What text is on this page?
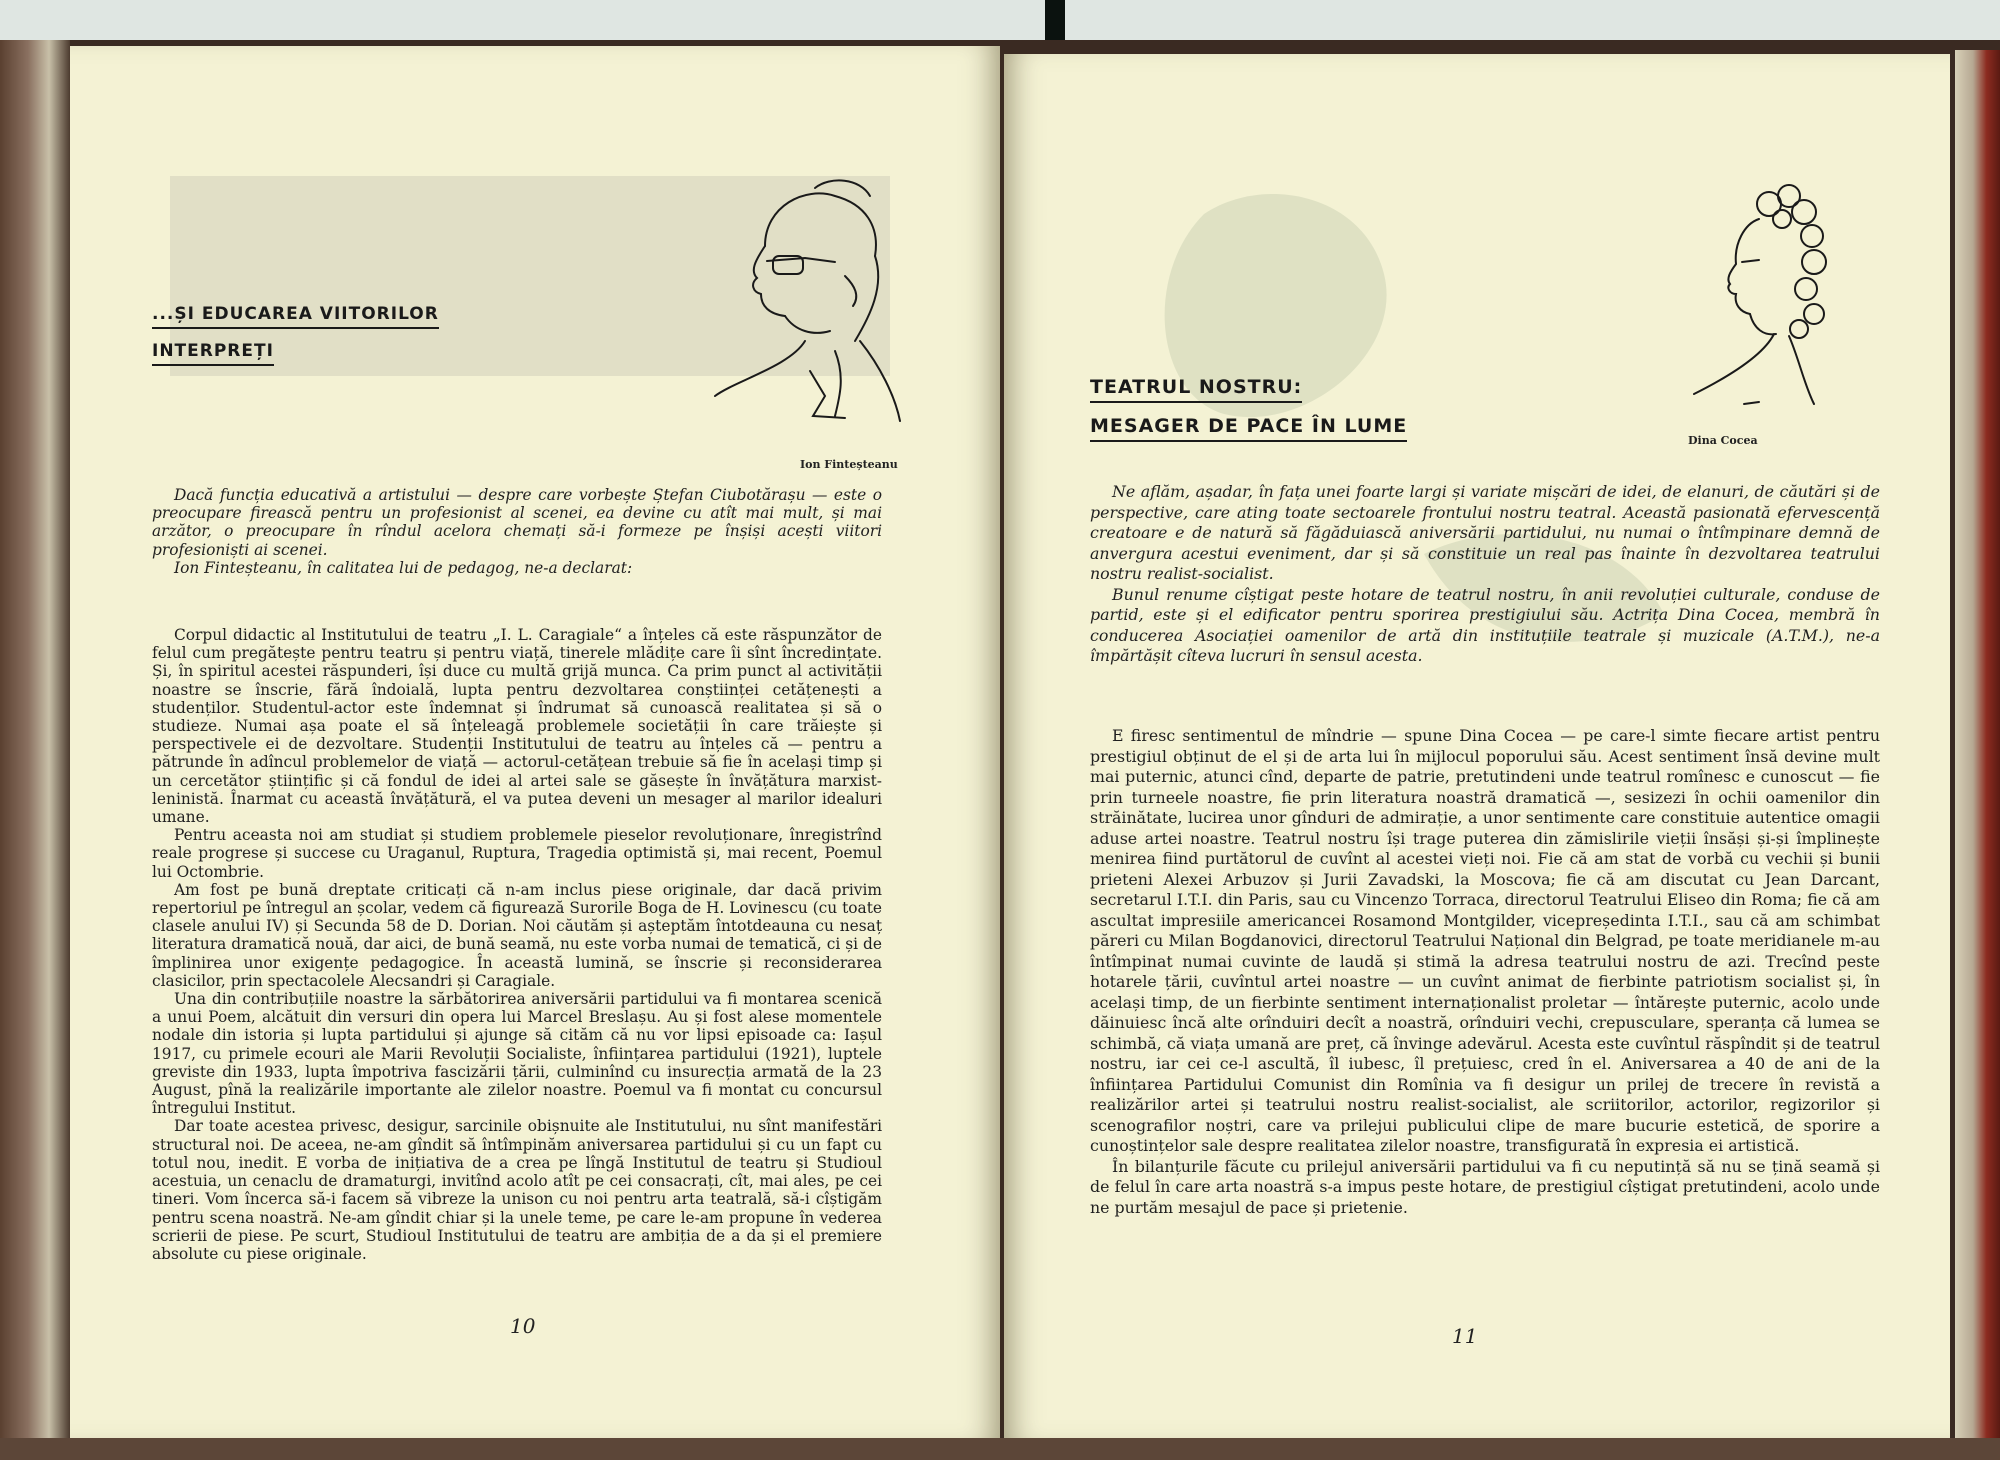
...ȘI EDUCAREA VIITORILOR
INTERPREȚI
Ion Finteșteanu

Dacă funcția educativă a artistului — despre care vorbește Ștefan Ciubotărașu — este o preocupare firească pentru un profesionist al scenei, ea devine cu atît mai mult, și mai arzător, o preocupare în rîndul acelora chemați să-i formeze pe înșiși acești viitori profesioniști ai scenei.

Ion Finteșteanu, în calitatea lui de pedagog, ne-a declarat:

Corpul didactic al Institutului de teatru „I. L. Caragiale“ a înțeles că este răspunzător de felul cum pregătește pentru teatru și pentru viață, tinerele mlădițe care îi sînt încredințate. Și, în spiritul acestei răspunderi, își duce cu multă grijă munca. Ca prim punct al activității noastre se înscrie, fără îndoială, lupta pentru dezvoltarea conștiinței cetățenești a studenților. Studentul-actor este îndemnat și îndrumat să cunoască realitatea și să o studieze. Numai așa poate el să înțeleagă problemele societății în care trăiește și perspectivele ei de dezvoltare. Studenții Institutului de teatru au înțeles că — pentru a pătrunde în adîncul problemelor de viață — actorul-cetățean trebuie să fie în același timp și un cercetător științific și că fondul de idei al artei sale se găsește în învățătura marxist-leninistă. Înarmat cu această învățătură, el va putea deveni un mesager al marilor idealuri umane.

Pentru aceasta noi am studiat și studiem problemele pieselor revoluționare, înregistrînd reale progrese și succese cu Uraganul, Ruptura, Tragedia optimistă și, mai recent, Poemul lui Octombrie.

Am fost pe bună dreptate criticați că n-am inclus piese originale, dar dacă privim repertoriul pe întregul an școlar, vedem că figurează Surorile Boga de H. Lovinescu (cu toate clasele anului IV) și Secunda 58 de D. Dorian. Noi căutăm și așteptăm întotdeauna cu nesaț literatura dramatică nouă, dar aici, de bună seamă, nu este vorba numai de tematică, ci și de împlinirea unor exigențe pedagogice. În această lumină, se înscrie și reconsiderarea clasicilor, prin spectacolele Alecsandri și Caragiale.

Una din contribuțiile noastre la sărbătorirea aniversării partidului va fi montarea scenică a unui Poem, alcătuit din versuri din opera lui Marcel Breslașu. Au și fost alese momentele nodale din istoria și lupta partidului și ajunge să cităm că nu vor lipsi episoade ca: Iașul 1917, cu primele ecouri ale Marii Revoluții Socialiste, înființarea partidului (1921), luptele greviste din 1933, lupta împotriva fascizării țării, culminînd cu insurecția armată de la 23 August, pînă la realizările importante ale zilelor noastre. Poemul va fi montat cu concursul întregului Institut.

Dar toate acestea privesc, desigur, sarcinile obișnuite ale Institutului, nu sînt manifestări structural noi. De aceea, ne-am gîndit să întîmpinăm aniversarea partidului și cu un fapt cu totul nou, inedit. E vorba de inițiativa de a crea pe lîngă Institutul de teatru și Studioul acestuia, un cenaclu de dramaturgi, invitînd acolo atît pe cei consacrați, cît, mai ales, pe cei tineri. Vom încerca să-i facem să vibreze la unison cu noi pentru arta teatrală, să-i cîștigăm pentru scena noastră. Ne-am gîndit chiar și la unele teme, pe care le-am propune în vederea scrierii de piese. Pe scurt, Studioul Institutului de teatru are ambiția de a da și el premiere absolute cu piese originale.

10
TEATRUL NOSTRU:
MESAGER DE PACE ÎN LUME
Dina Cocea

Ne aflăm, așadar, în fața unei foarte largi și variate mișcări de idei, de elanuri, de căutări și de perspective, care ating toate sectoarele frontului nostru teatral. Această pasionată efervescență creatoare e de natură să făgăduiască aniversării partidului, nu numai o întîmpinare demnă de anvergura acestui eveniment, dar și să constituie un real pas înainte în dezvoltarea teatrului nostru realist-socialist.

Bunul renume cîștigat peste hotare de teatrul nostru, în anii revoluției culturale, conduse de partid, este și el edificator pentru sporirea prestigiului său. Actrița Dina Cocea, membră în conducerea Asociației oamenilor de artă din instituțiile teatrale și muzicale (A.T.M.), ne-a împărtășit cîteva lucruri în sensul acesta.

E firesc sentimentul de mîndrie — spune Dina Cocea — pe care-l simte fiecare artist pentru prestigiul obținut de el și de arta lui în mijlocul poporului său. Acest sentiment însă devine mult mai puternic, atunci cînd, departe de patrie, pretutindeni unde teatrul romînesc e cunoscut — fie prin turneele noastre, fie prin literatura noastră dramatică —, sesizezi în ochii oamenilor din străinătate, lucirea unor gînduri de admirație, a unor sentimente care constituie autentice omagii aduse artei noastre. Teatrul nostru își trage puterea din zămislirile vieții însăși și-și împlinește menirea fiind purtătorul de cuvînt al acestei vieți noi. Fie că am stat de vorbă cu vechii și bunii prieteni Alexei Arbuzov și Jurii Zavadski, la Moscova; fie că am discutat cu Jean Darcant, secretarul I.T.I. din Paris, sau cu Vincenzo Torraca, directorul Teatrului Eliseo din Roma; fie că am ascultat impresiile americancei Rosamond Montgilder, vicepreședinta I.T.I., sau că am schimbat păreri cu Milan Bogdanovici, directorul Teatrului Național din Belgrad, pe toate meridianele m-au întîmpinat numai cuvinte de laudă și stimă la adresa teatrului nostru de azi. Trecînd peste hotarele țării, cuvîntul artei noastre — un cuvînt animat de fierbinte patriotism socialist și, în același timp, de un fierbinte sentiment internaționalist proletar — întărește puternic, acolo unde dăinuiesc încă alte orînduiri decît a noastră, orînduiri vechi, crepusculare, speranța că lumea se schimbă, că viața umană are preț, că învinge adevărul. Acesta este cuvîntul răspîndit și de teatrul nostru, iar cei ce-l ascultă, îl iubesc, îl prețuiesc, cred în el. Aniversarea a 40 de ani de la înființarea Partidului Comunist din Romînia va fi desigur un prilej de trecere în revistă a realizărilor artei și teatrului nostru realist-socialist, ale scriitorilor, actorilor, regizorilor și scenografilor noștri, care va prilejui publicului clipe de mare bucurie estetică, de sporire a cunoștințelor sale despre realitatea zilelor noastre, transfigurată în expresia ei artistică.

În bilanțurile făcute cu prilejul aniversării partidului va fi cu neputință să nu se țină seamă și de felul în care arta noastră s-a impus peste hotare, de prestigiul cîștigat pretutindeni, acolo unde ne purtăm mesajul de pace și prietenie.

11
